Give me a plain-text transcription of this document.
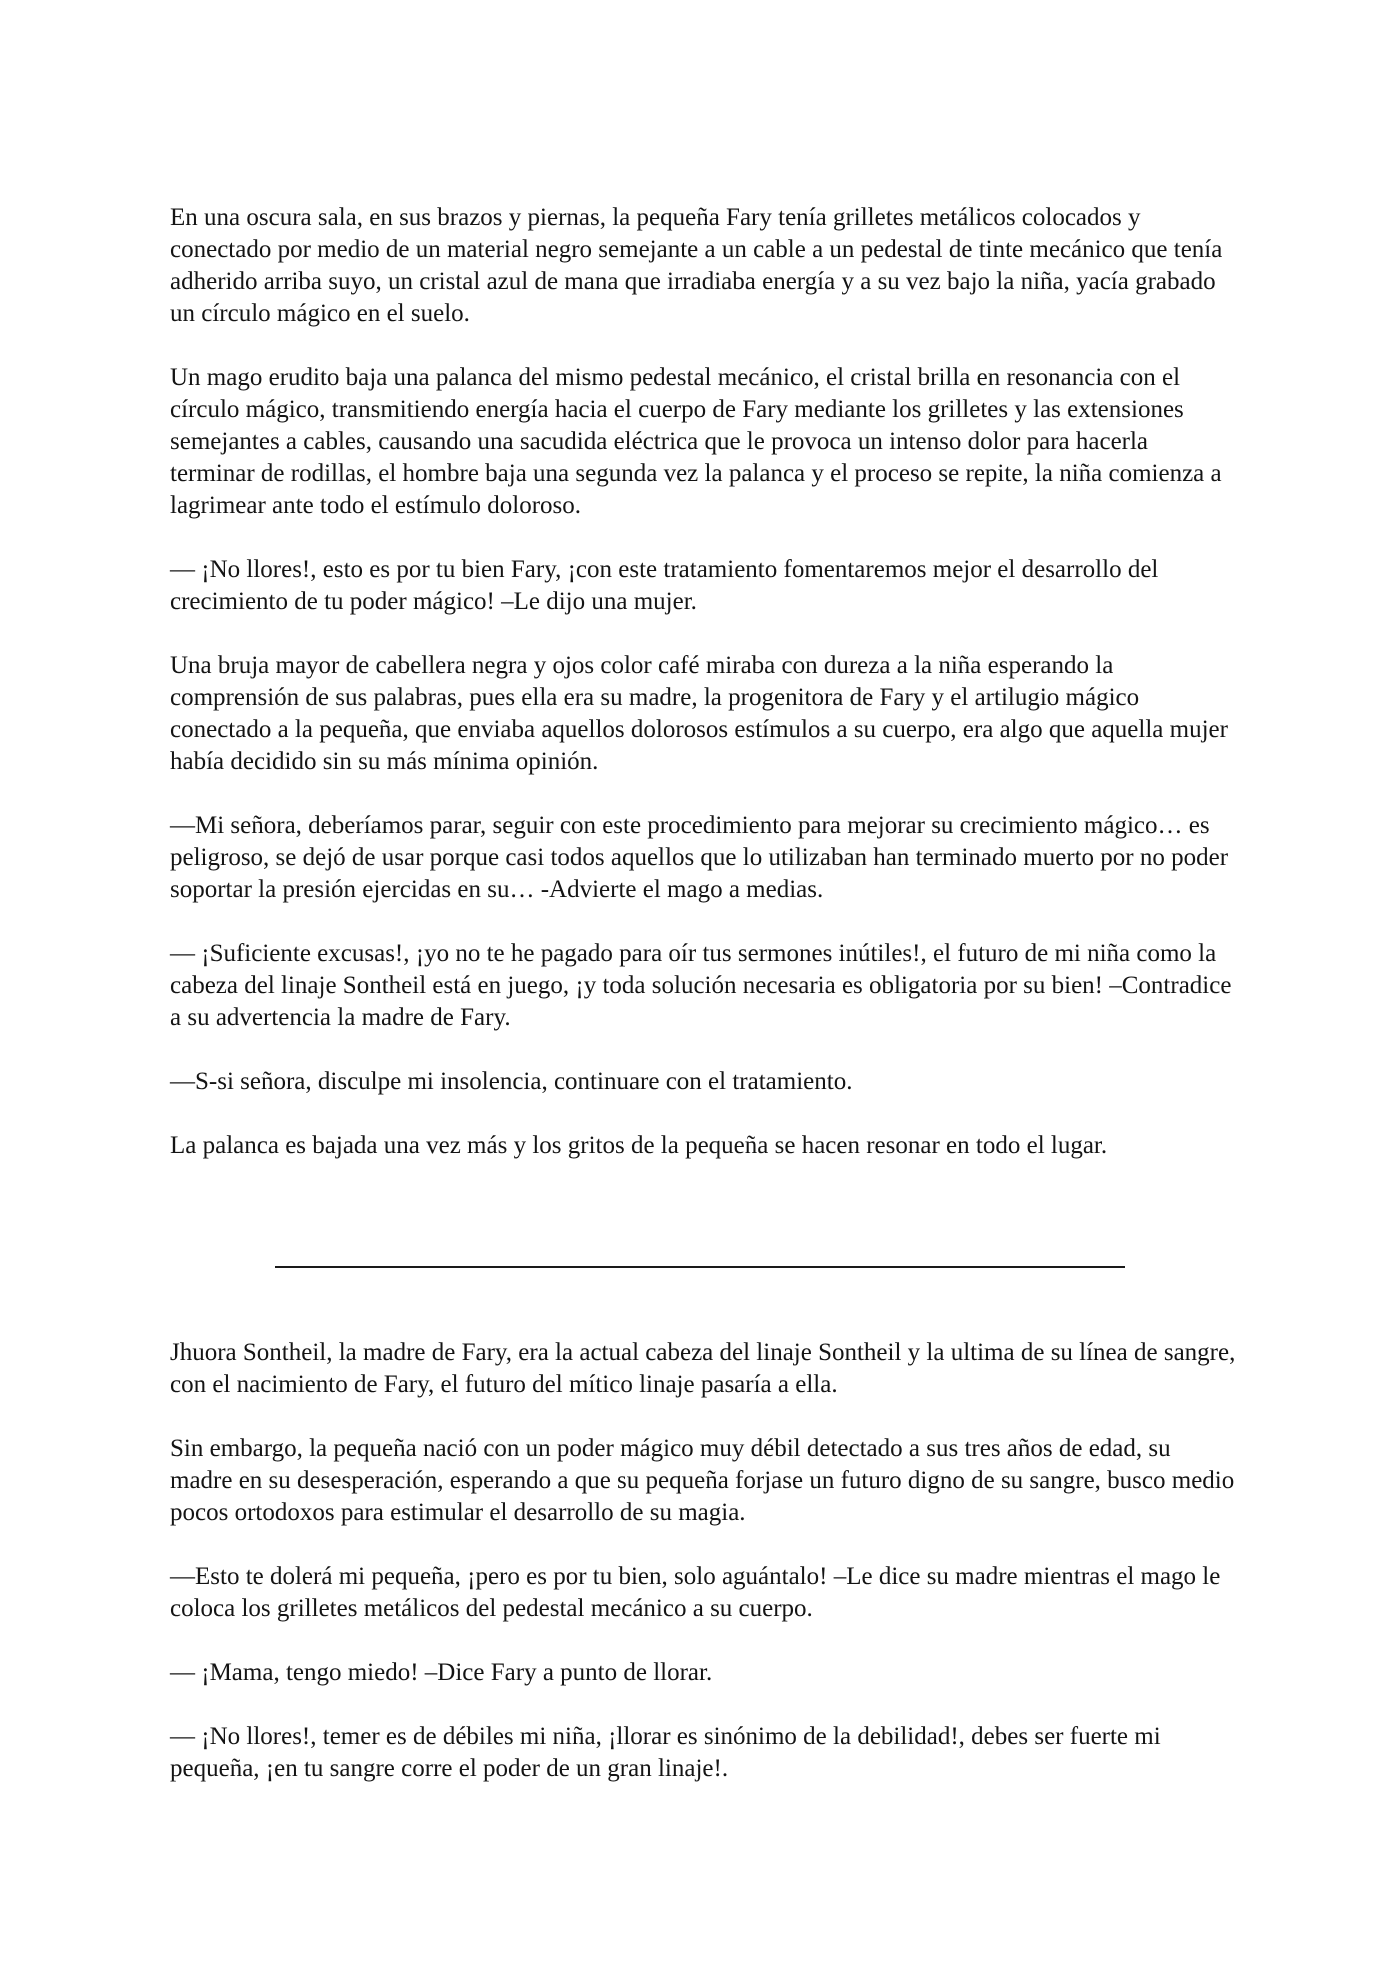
En una oscura sala, en sus brazos y piernas, la pequeña Fary tenía grilletes metálicos colocados y conectado por medio de un material negro semejante a un cable a un pedestal de tinte mecánico que tenía adherido arriba suyo, un cristal azul de mana que irradiaba energía y a su vez bajo la niña, yacía grabado un círculo mágico en el suelo.

Un mago erudito baja una palanca del mismo pedestal mecánico, el cristal brilla en resonancia con el círculo mágico, transmitiendo energía hacia el cuerpo de Fary mediante los grilletes y las extensiones semejantes a cables, causando una sacudida eléctrica que le provoca un intenso dolor para hacerla terminar de rodillas, el hombre baja una segunda vez la palanca y el proceso se repite, la niña comienza a lagrimear ante todo el estímulo doloroso.

— ¡No llores!, esto es por tu bien Fary, ¡con este tratamiento fomentaremos mejor el desarrollo del crecimiento de tu poder mágico! –Le dijo una mujer.

Una bruja mayor de cabellera negra y ojos color café miraba con dureza a la niña esperando la comprensión de sus palabras, pues ella era su madre, la progenitora de Fary y el artilugio mágico conectado a la pequeña, que enviaba aquellos dolorosos estímulos a su cuerpo, era algo que aquella mujer había decidido sin su más mínima opinión.

—Mi señora, deberíamos parar, seguir con este procedimiento para mejorar su crecimiento mágico… es peligroso, se dejó de usar porque casi todos aquellos que lo utilizaban han terminado muerto por no poder soportar la presión ejercidas en su… -Advierte el mago a medias.

— ¡Suficiente excusas!, ¡yo no te he pagado para oír tus sermones inútiles!, el futuro de mi niña como la cabeza del linaje Sontheil está en juego, ¡y toda solución necesaria es obligatoria por su bien! –Contradice a su advertencia la madre de Fary.

—S-si señora, disculpe mi insolencia, continuare con el tratamiento.

La palanca es bajada una vez más y los gritos de la pequeña se hacen resonar en todo el lugar.

Jhuora Sontheil, la madre de Fary, era la actual cabeza del linaje Sontheil y la ultima de su línea de sangre, con el nacimiento de Fary, el futuro del mítico linaje pasaría a ella.

Sin embargo, la pequeña nació con un poder mágico muy débil detectado a sus tres años de edad, su madre en su desesperación, esperando a que su pequeña forjase un futuro digno de su sangre, busco medio pocos ortodoxos para estimular el desarrollo de su magia.

—Esto te dolerá mi pequeña, ¡pero es por tu bien, solo aguántalo! –Le dice su madre mientras el mago le coloca los grilletes metálicos del pedestal mecánico a su cuerpo.

— ¡Mama, tengo miedo! –Dice Fary a punto de llorar.

— ¡No llores!, temer es de débiles mi niña, ¡llorar es sinónimo de la debilidad!, debes ser fuerte mi pequeña, ¡en tu sangre corre el poder de un gran linaje!.
